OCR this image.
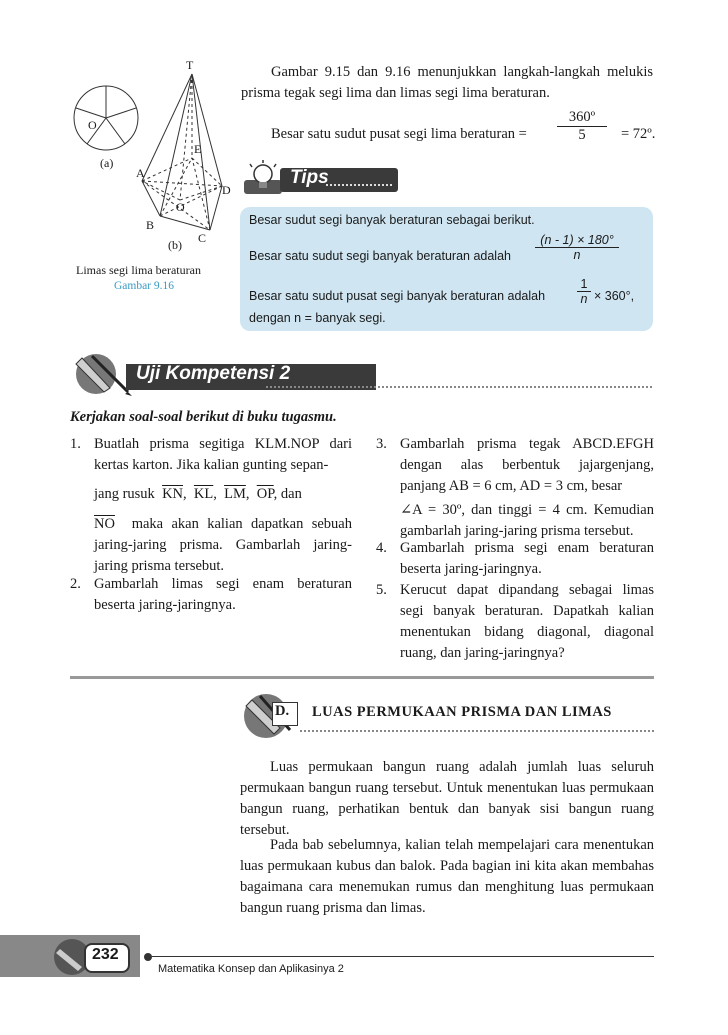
T
O
E
(a)
A
D
O
B
C
(b)
Limas segi lima beraturan
Gambar 9.16
Gambar 9.15 dan 9.16 menunjukkan langkah-langkah melukis prisma tegak segi lima dan limas segi lima beraturan.
Besar satu sudut pusat segi lima beraturan = $\frac{\text{360º}}{5}$ = 72º.
Tips
Besar sudut segi banyak beraturan sebagai berikut.
Besar satu sudut segi banyak beraturan adalah $\frac{(n - 1) \times 180^\circ}{n}$
Besar satu sudut pusat segi banyak beraturan adalah	$\frac{1}{n} \times 360^\circ$,
dengan n = banyak segi.
Uji Kompetensi 2
Kerjakan soal-soal berikut di buku tugasmu.
1. Buatlah prisma segitiga KLM.NOP dari kertas karton. Jika kalian gunting sepan-
jang rusuk $\overline{KN}$,  $\overline{KL}$,  $\overline{LM}$,  $\overline{OP}$, dan
$\overline{NO}$ maka akan kalian dapatkan sebuah jaring-jaring prisma. Gambarlah jaring-jaring prisma tersebut.
2. Gambarlah limas segi enam beraturan beserta jaring-jaringnya.
3. Gambarlah prisma tegak ABCD.EFGH dengan alas berbentuk jajargenjang, panjang AB = 6 cm, AD = 3 cm, besar
∠A = 30º, dan tinggi = 4 cm. Kemudian gambarlah jaring-jaring prisma tersebut.
4. Gambarlah prisma segi enam beraturan beserta jaring-jaringnya.
5. Kerucut dapat dipandang sebagai limas segi banyak beraturan. Dapatkah kalian menentukan bidang diagonal, diagonal ruang, dan jaring-jaringnya?
D. LUAS PERMUKAAN PRISMA DAN LIMAS
Luas permukaan bangun ruang adalah jumlah luas seluruh permukaan bangun ruang tersebut. Untuk menentukan luas permukaan bangun ruang, perhatikan bentuk dan banyak sisi bangun ruang tersebut.
Pada bab sebelumnya, kalian telah mempelajari cara menentukan luas permukaan kubus dan balok. Pada bagian ini kita akan membahas bagaimana cara menemukan rumus dan menghitung luas permukaan bangun ruang prisma dan limas.
232
Matematika Konsep dan Aplikasinya 2
